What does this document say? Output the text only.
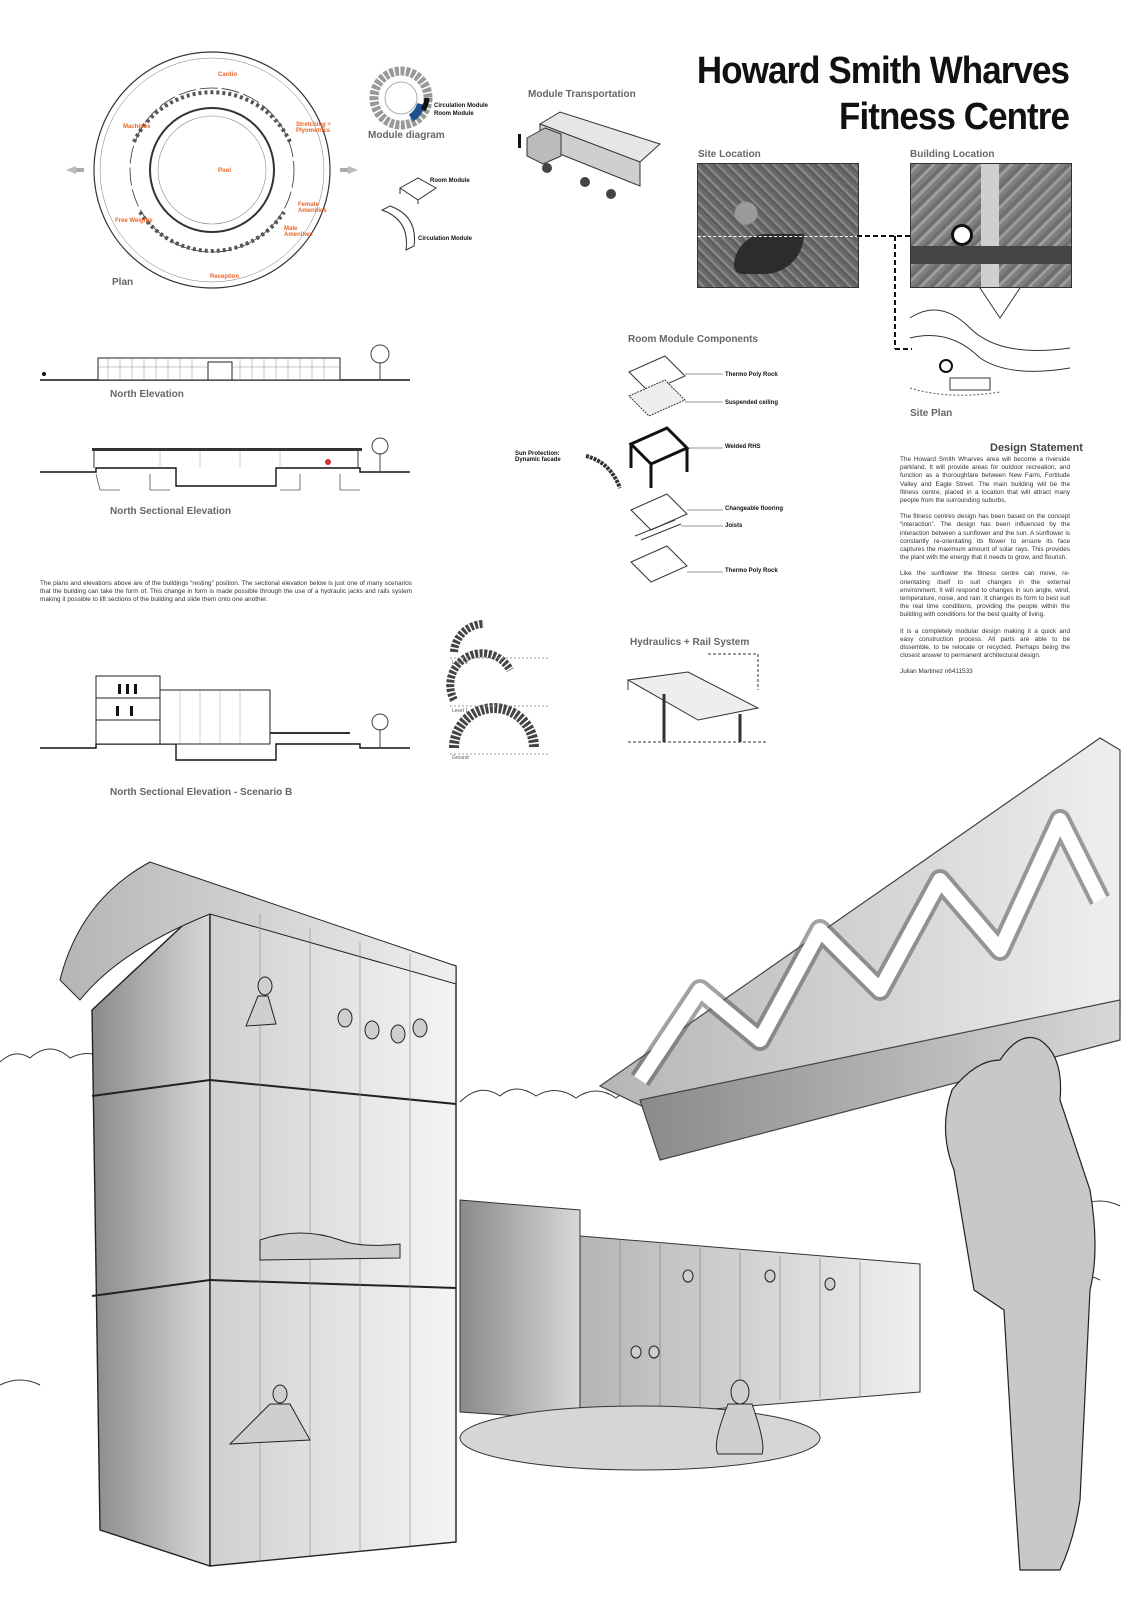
Howard Smith Wharves
Fitness Centre
Cardio
Machines	Stretching + Plyometrics
Pool
Free Weights
Female Amenities
Male Amenities
Reception
Plan
Circulation Module
Room Module
Module diagram
Room Module
Circulation Module
Module Transportation
Site Location	Building Location
Site Plan
North Elevation
North Sectional Elevation
The plans and elevations above are of the buildings “resting” position. The sectional elevation below is just one of many scenarios that the building can take the form of. This change in form is made possible through the use of a hydraulic jacks and rails system making it possible to lift sections of the building and slide them onto one another.
North Sectional Elevation - Scenario B
Room Module Components
Thermo Poly Rock
Suspended ceiling
Welded RHS
Changeable flooring
Joists
Thermo Poly Rock
Sun Protection: Dynamic facade
Level 2
Level 1
Ground
Hydraulics + Rail System
Design Statement

The Howard Smith Wharves area will become a riverside parkland. It will provide areas for outdoor recreation, and function as a thoroughfare between New Farm, Fortitude Valley and Eagle Street. The main building will be the fitness centre, placed in a location that will attract many people from the surrounding suburbs.

The fitness centres design has been based on the concept “interaction”. The design has been influenced by the interaction between a sunflower and the sun. A sunflower is constantly re-orientating its flower to ensure its face captures the maximum amount of solar rays. This provides the plant with the energy that it needs to grow, and flourish.

Like the sunflower the fitness centre can move, re-orientating itself to suit changes in the external environment. It will respond to changes in sun angle, wind, temperature, noise, and rain. It changes its form to best suit the real time conditions, providing the people within the building with conditions for the best quality of living.

It is a completely modular design making it a quick and easy construction process. All parts are able to be dissemble, to be relocate or recycled. Perhaps being the closest answer to permanent architectural design.

Julian Martinez n6411533
